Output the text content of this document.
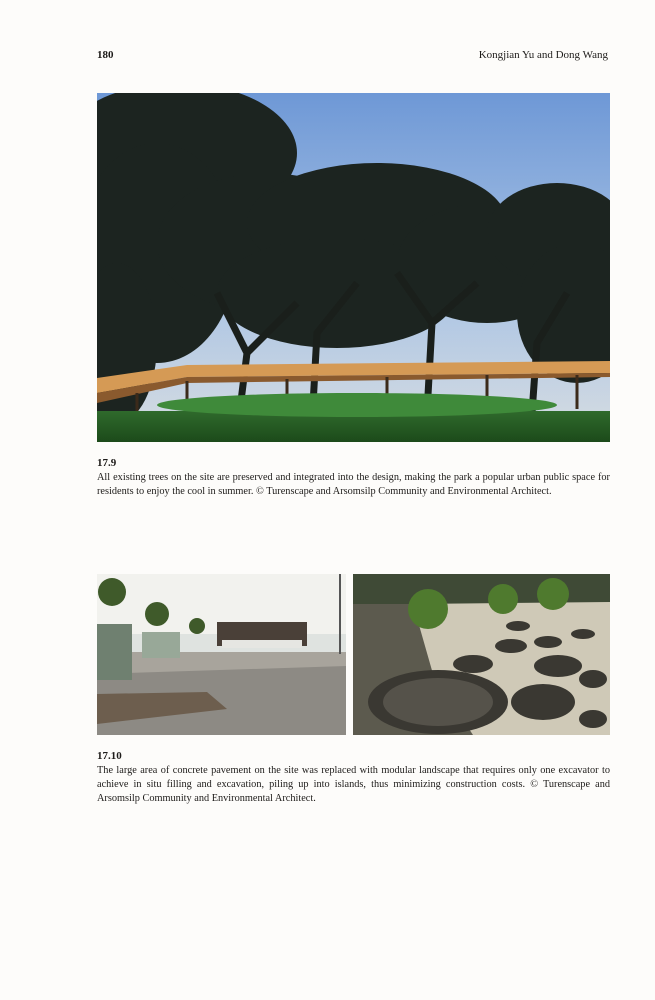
180	Kongjian Yu and Dong Wang
17.9
All existing trees on the site are preserved and integrated into the design, making the park a popular urban public space for residents to enjoy the cool in summer. © Turenscape and Arsomsilp Community and Environmental Architect.
17.10
The large area of concrete pavement on the site was replaced with modular landscape that requires only one excavator to achieve in situ filling and excavation, piling up into islands, thus minimizing construction costs. © Turenscape and Arsomsilp Community and Environmental Architect.
